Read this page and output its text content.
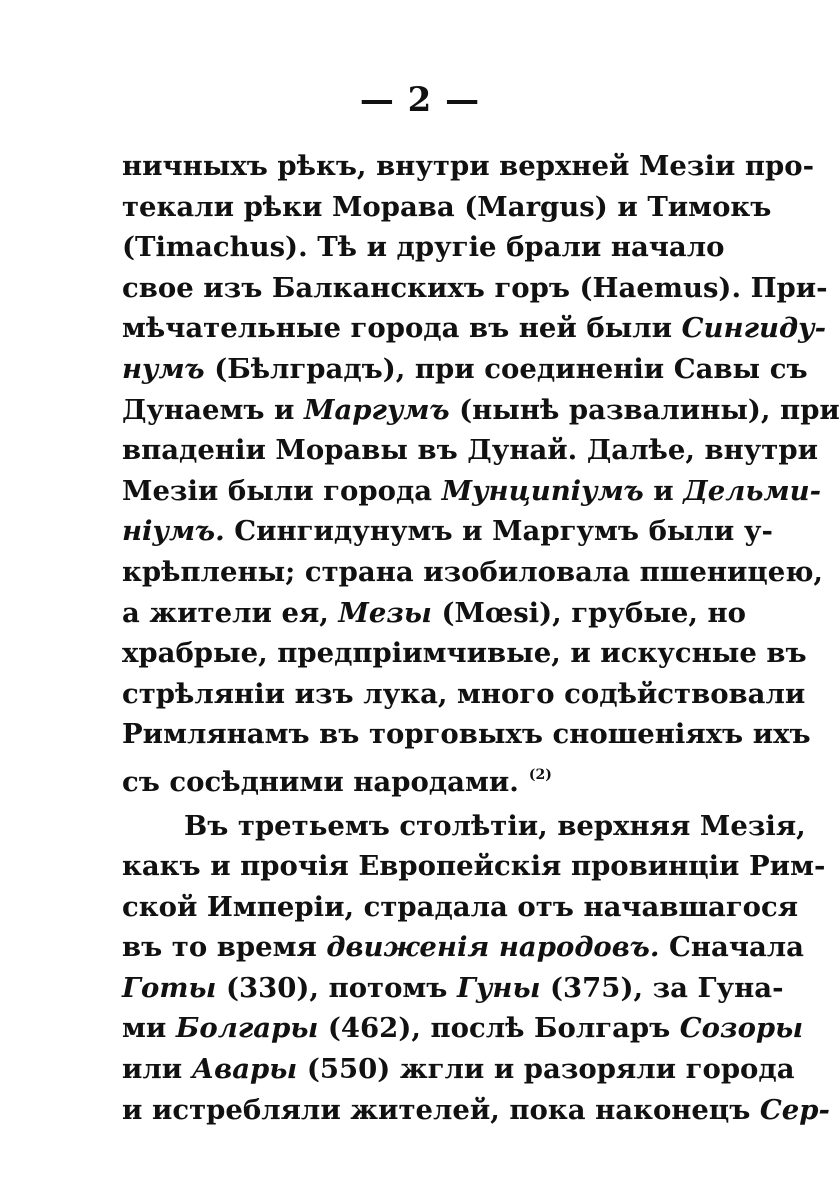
— 2 —
ничныхъ рѣкъ, внутри верхней Мезіи про-
текали рѣки Морава (Margus) и Тимокъ
(Timachus). Тѣ и другіе брали начало
свое изъ Балканскихъ горъ (Haemus). При-
мѣчательные города въ ней были Сингиду-
нумъ (Бѣлградъ), при соединеніи Савы съ
Дунаемъ и Маргумъ (нынѣ развалины), при
впаденіи Моравы въ Дунай. Далѣе, внутри
Мезіи были города Мунципіумъ и Дельми-
ніумъ. Сингидунумъ и Маргумъ были у-
крѣплены; страна изобиловала пшеницею,
а жители ея, Мезы (Mœsi), грубые, но
храбрые, предпріимчивые, и искусные въ
стрѣляніи изъ лука, много содѣйствовали
Римлянамъ въ торговыхъ сношеніяхъ ихъ
съ сосѣдними народами. $^{(2)}$
Въ третьемъ столѣтіи, верхняя Мезія,
какъ и прочія Европейскія провинціи Рим-
ской Имперіи, страдала отъ начавшагося
въ то время движенія народовъ. Сначала
Готы (330), потомъ Гуны (375), за Гуна-
ми Болгары (462), послѣ Болгаръ Созоры
или Авары (550) жгли и разоряли города
и истребляли жителей, пока наконецъ Сер-
